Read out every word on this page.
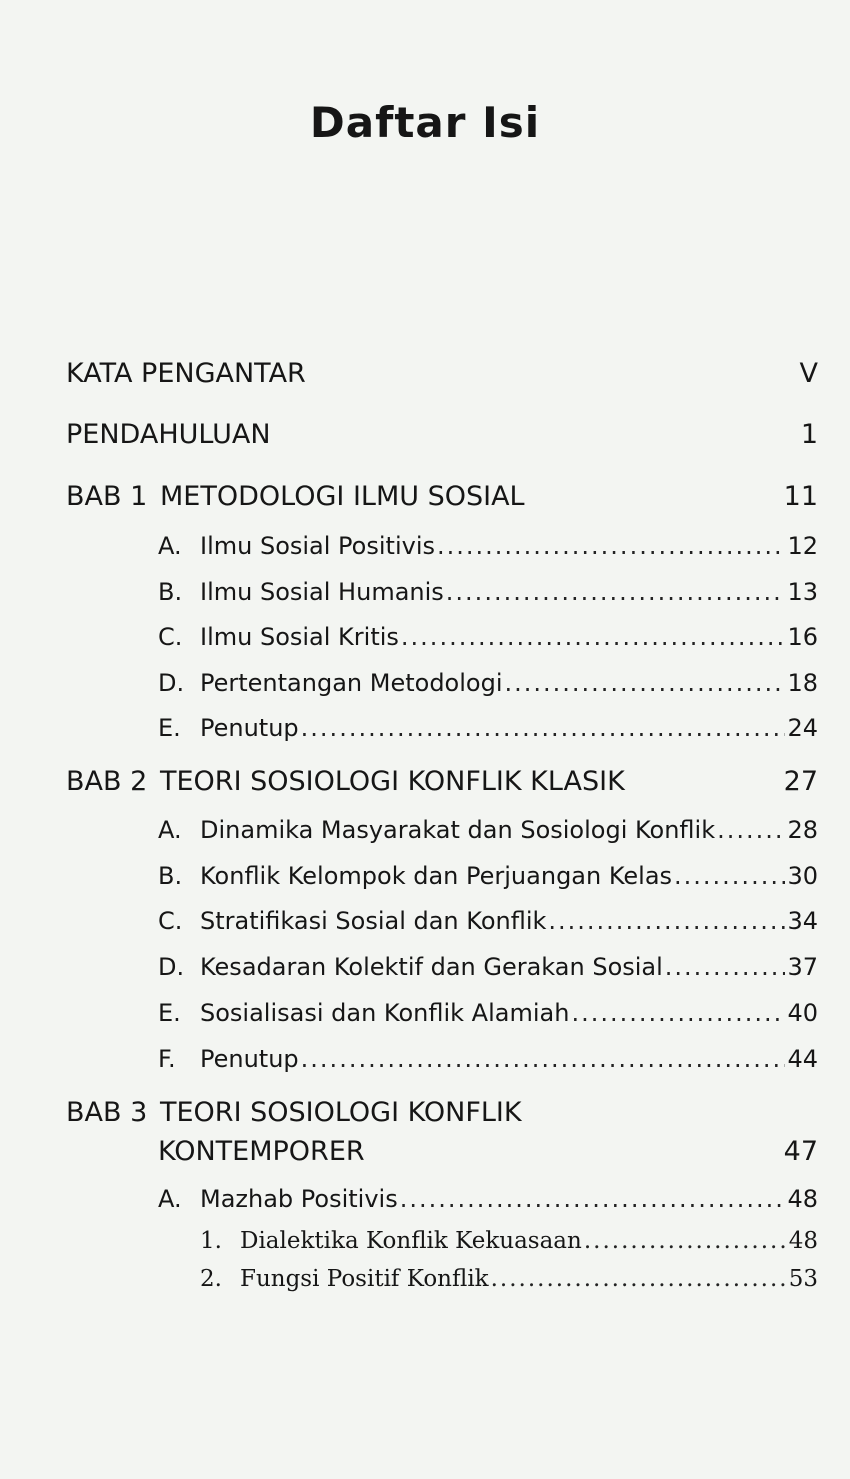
Daftar Isi
KATA PENGANTAR	V
PENDAHULUAN	1
BAB 1 METODOLOGI ILMU SOSIAL	11
A. Ilmu Sosial Positivis .....	12
B. Ilmu Sosial Humanis .....	13
C. Ilmu Sosial Kritis .....	16
D. Pertentangan Metodologi .....	18
E. Penutup .....	24
BAB 2 TEORI SOSIOLOGI KONFLIK KLASIK	27
A. Dinamika Masyarakat dan Sosiologi Konflik .....	28
B. Konflik Kelompok dan Perjuangan Kelas .....	30
C. Stratifikasi Sosial dan Konflik .....	34
D. Kesadaran Kolektif dan Gerakan Sosial .....	37
E. Sosialisasi dan Konflik Alamiah .....	40
F.	Penutup .....	44
BAB 3 TEORI SOSIOLOGI KONFLIK
KONTEMPORER	47
A. Mazhab Positivis .....	48
1. Dialektika Konflik Kekuasaan .....	48
2. Fungsi Positif Konflik .....	53
